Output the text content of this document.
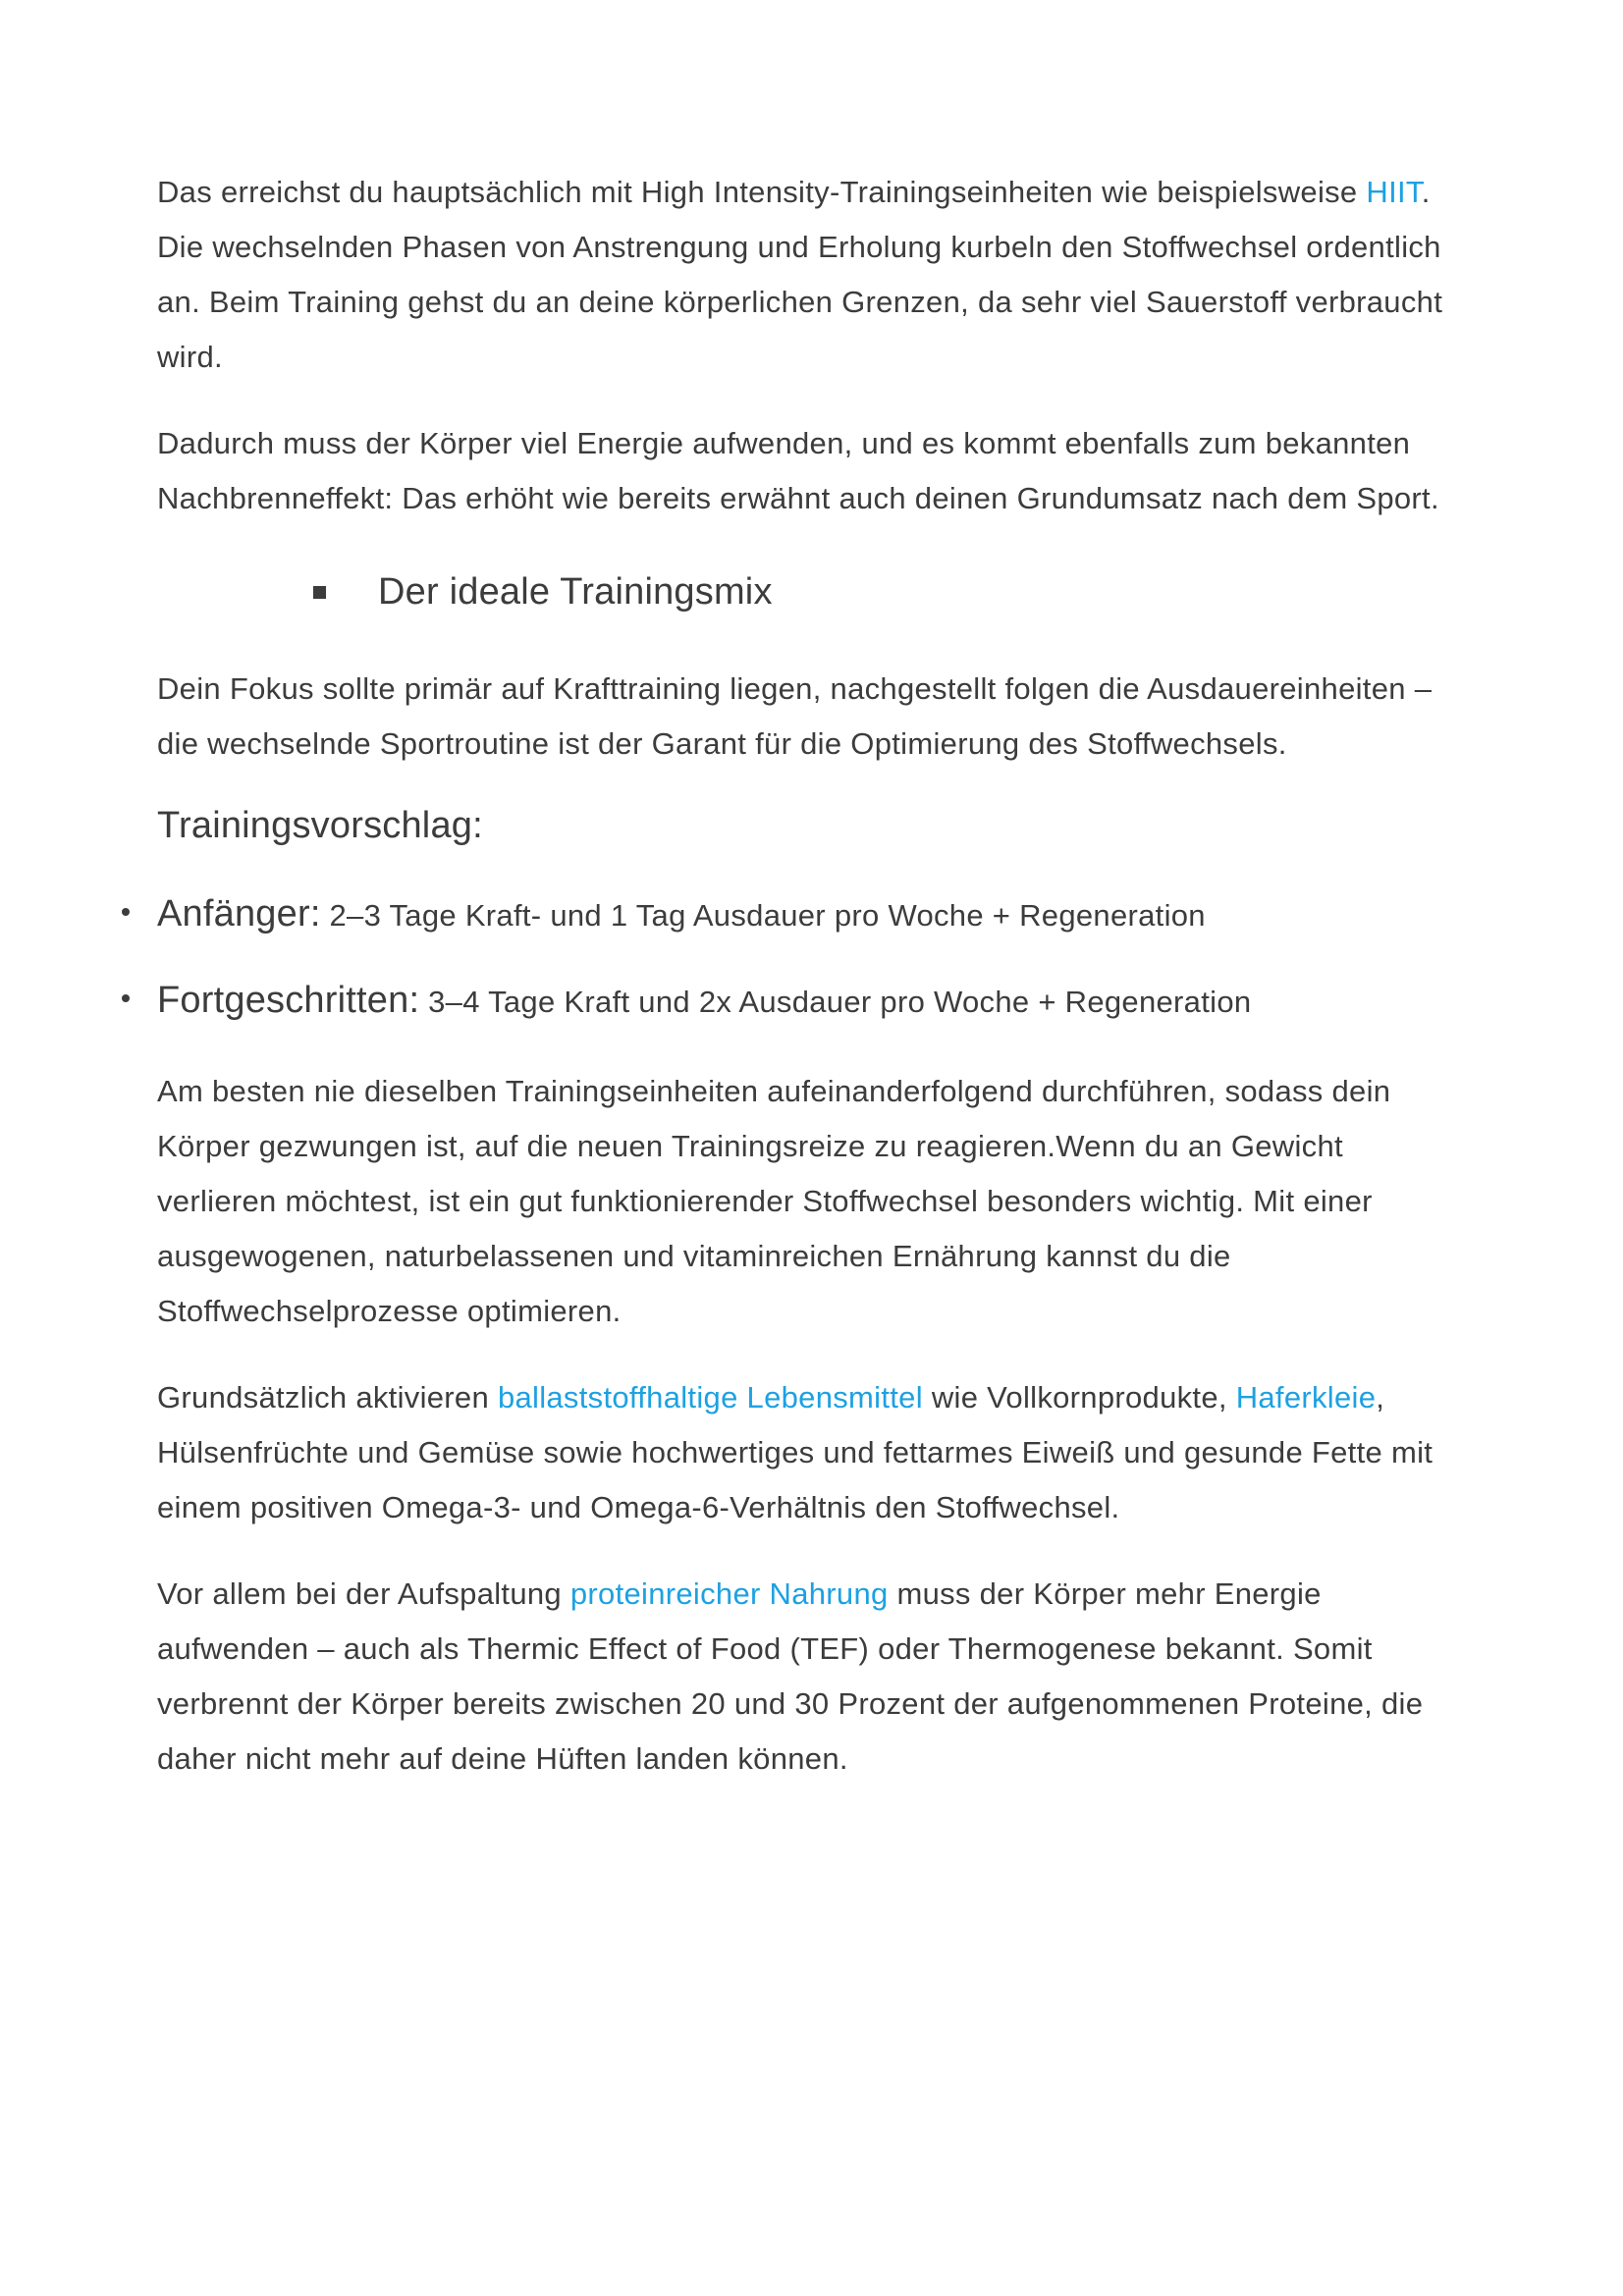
Das erreichst du hauptsächlich mit High Intensity-Trainingseinheiten wie beispielsweise HIIT. Die wechselnden Phasen von Anstrengung und Erholung kurbeln den Stoffwechsel ordentlich an. Beim Training gehst du an deine körperlichen Grenzen, da sehr viel Sauerstoff verbraucht wird.

Dadurch muss der Körper viel Energie aufwenden, und es kommt ebenfalls zum bekannten Nachbrenneffekt: Das erhöht wie bereits erwähnt auch deinen Grundumsatz nach dem Sport.

Der ideale Trainingsmix

Dein Fokus sollte primär auf Krafttraining liegen, nachgestellt folgen die Ausdauereinheiten – die wechselnde Sportroutine ist der Garant für die Optimierung des Stoffwechsels.

Trainingsvorschlag:

Anfänger: 2–3 Tage Kraft- und 1 Tag Ausdauer pro Woche + Regeneration
Fortgeschritten: 3–4 Tage Kraft und 2x Ausdauer pro Woche + Regeneration

Am besten nie dieselben Trainingseinheiten aufeinanderfolgend durchführen, sodass dein Körper gezwungen ist, auf die neuen Trainingsreize zu reagieren.Wenn du an Gewicht verlieren möchtest, ist ein gut funktionierender Stoffwechsel besonders wichtig. Mit einer ausgewogenen, naturbelassenen und vitaminreichen Ernährung kannst du die Stoffwechselprozesse optimieren.

Grundsätzlich aktivieren ballaststoffhaltige Lebensmittel wie Vollkornprodukte, Haferkleie, Hülsenfrüchte und Gemüse sowie hochwertiges und fettarmes Eiweiß und gesunde Fette mit einem positiven Omega-3- und Omega-6-Verhältnis den Stoffwechsel.

Vor allem bei der Aufspaltung proteinreicher Nahrung muss der Körper mehr Energie aufwenden – auch als Thermic Effect of Food (TEF) oder Thermogenese bekannt. Somit verbrennt der Körper bereits zwischen 20 und 30 Prozent der aufgenommenen Proteine, die daher nicht mehr auf deine Hüften landen können.
